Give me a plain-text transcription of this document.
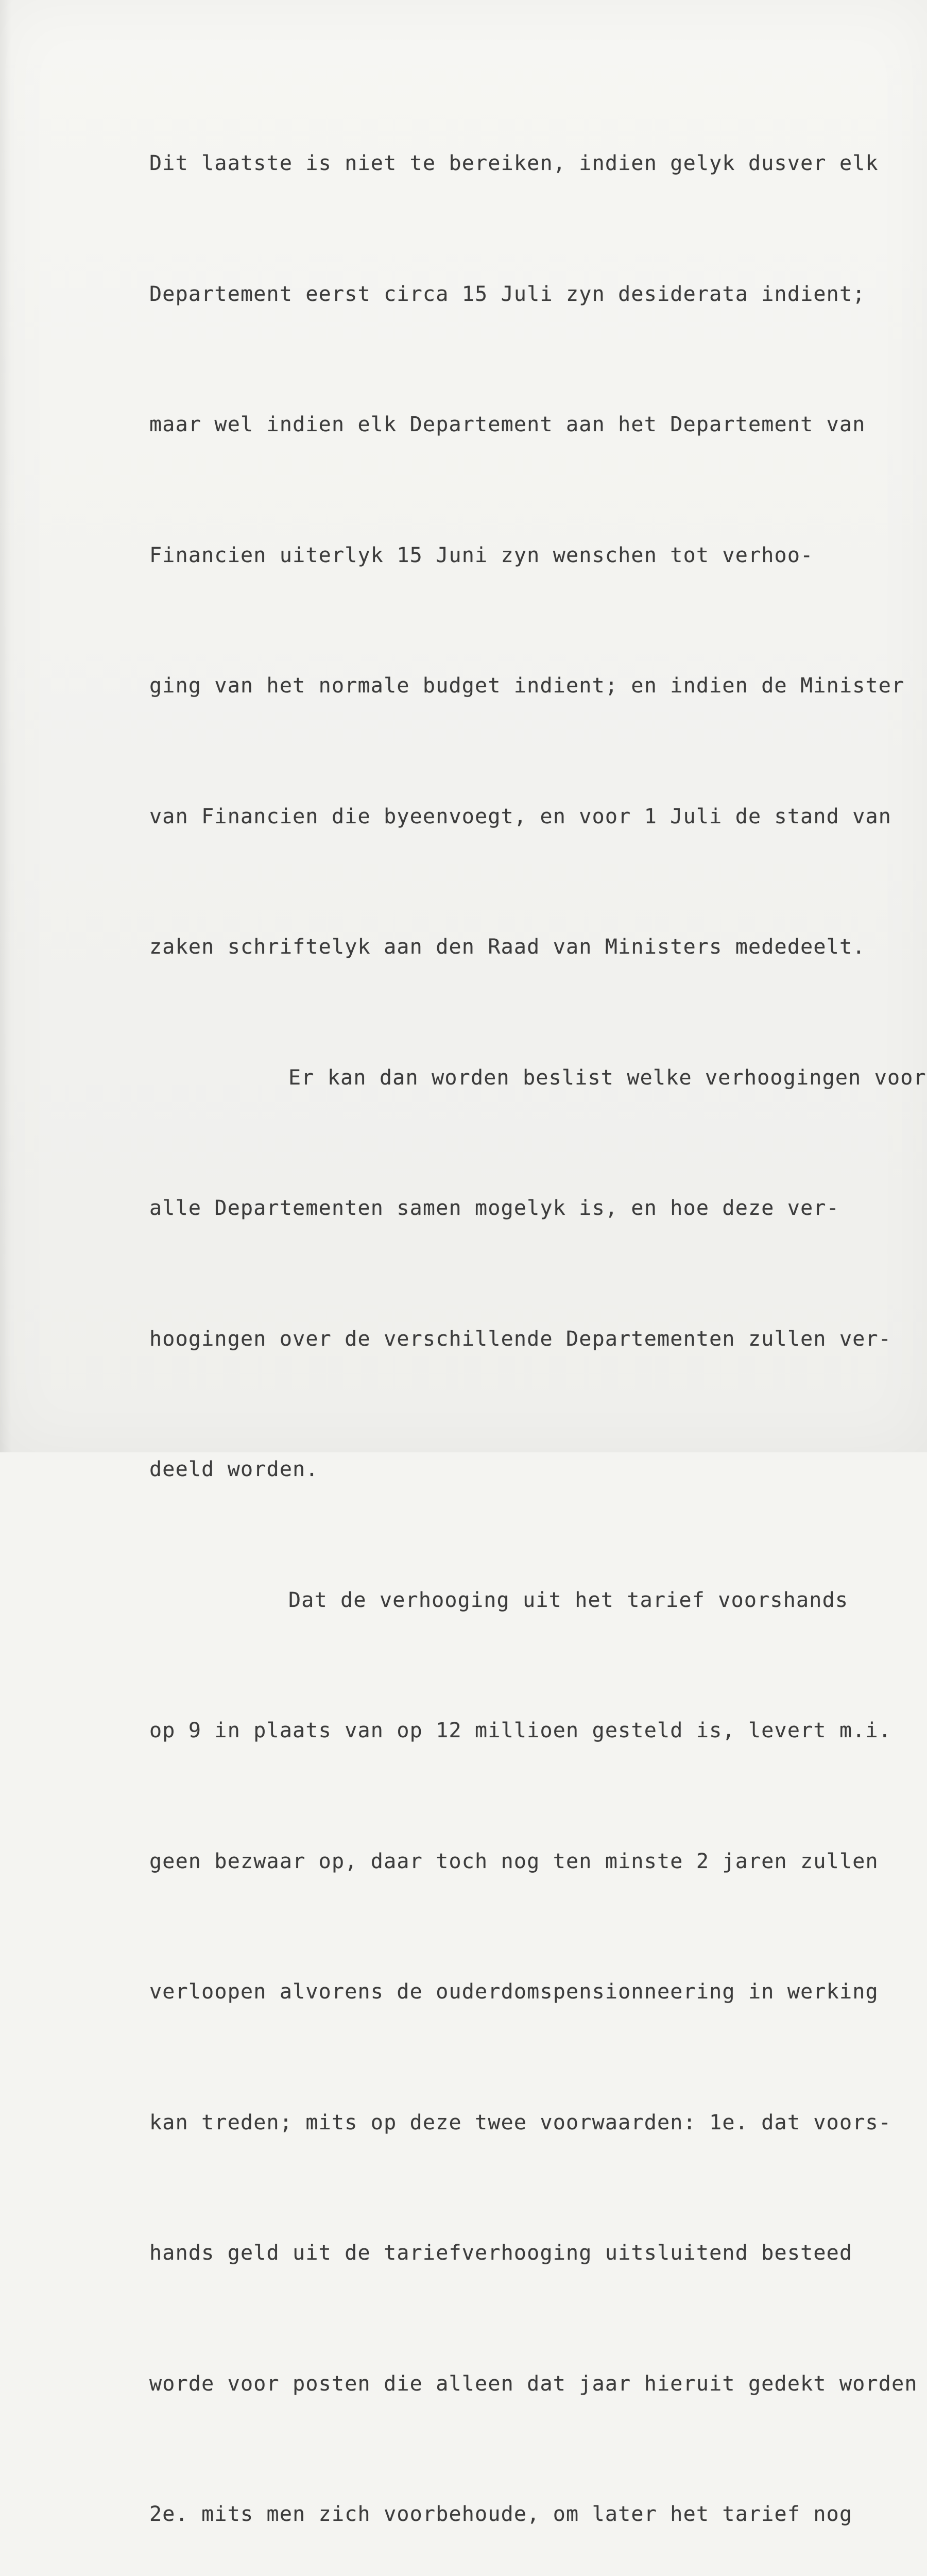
Dit laatste is niet te bereiken, indien gelyk dusver elk

Departement eerst circa 15 Juli zyn desiderata indient;

maar wel indien elk Departement aan het Departement van

Financien uiterlyk 15 Juni zyn wenschen tot verhoo-

ging van het normale budget indient; en indien de Minister

van Financien die byeenvoegt, en voor 1 Juli de stand van

zaken schriftelyk aan den Raad van Ministers mededeelt.

Er kan dan worden beslist welke verhoogingen voor

alle Departementen samen mogelyk is, en hoe deze ver-

hoogingen over de verschillende Departementen zullen ver-

deeld worden.

Dat de verhooging uit het tarief voorshands

op 9 in plaats van op 12 millioen gesteld is, levert m.i.

geen bezwaar op, daar toch nog ten minste 2 jaren zullen

verloopen alvorens de ouderdomspensionneering in werking

kan treden; mits op deze twee voorwaarden: 1e. dat voors-

hands geld uit de tariefverhooging uitsluitend besteed

worde voor posten die alleen dat jaar hieruit gedekt worden

2e. mits men zich voorbehoude, om later het tarief nog
